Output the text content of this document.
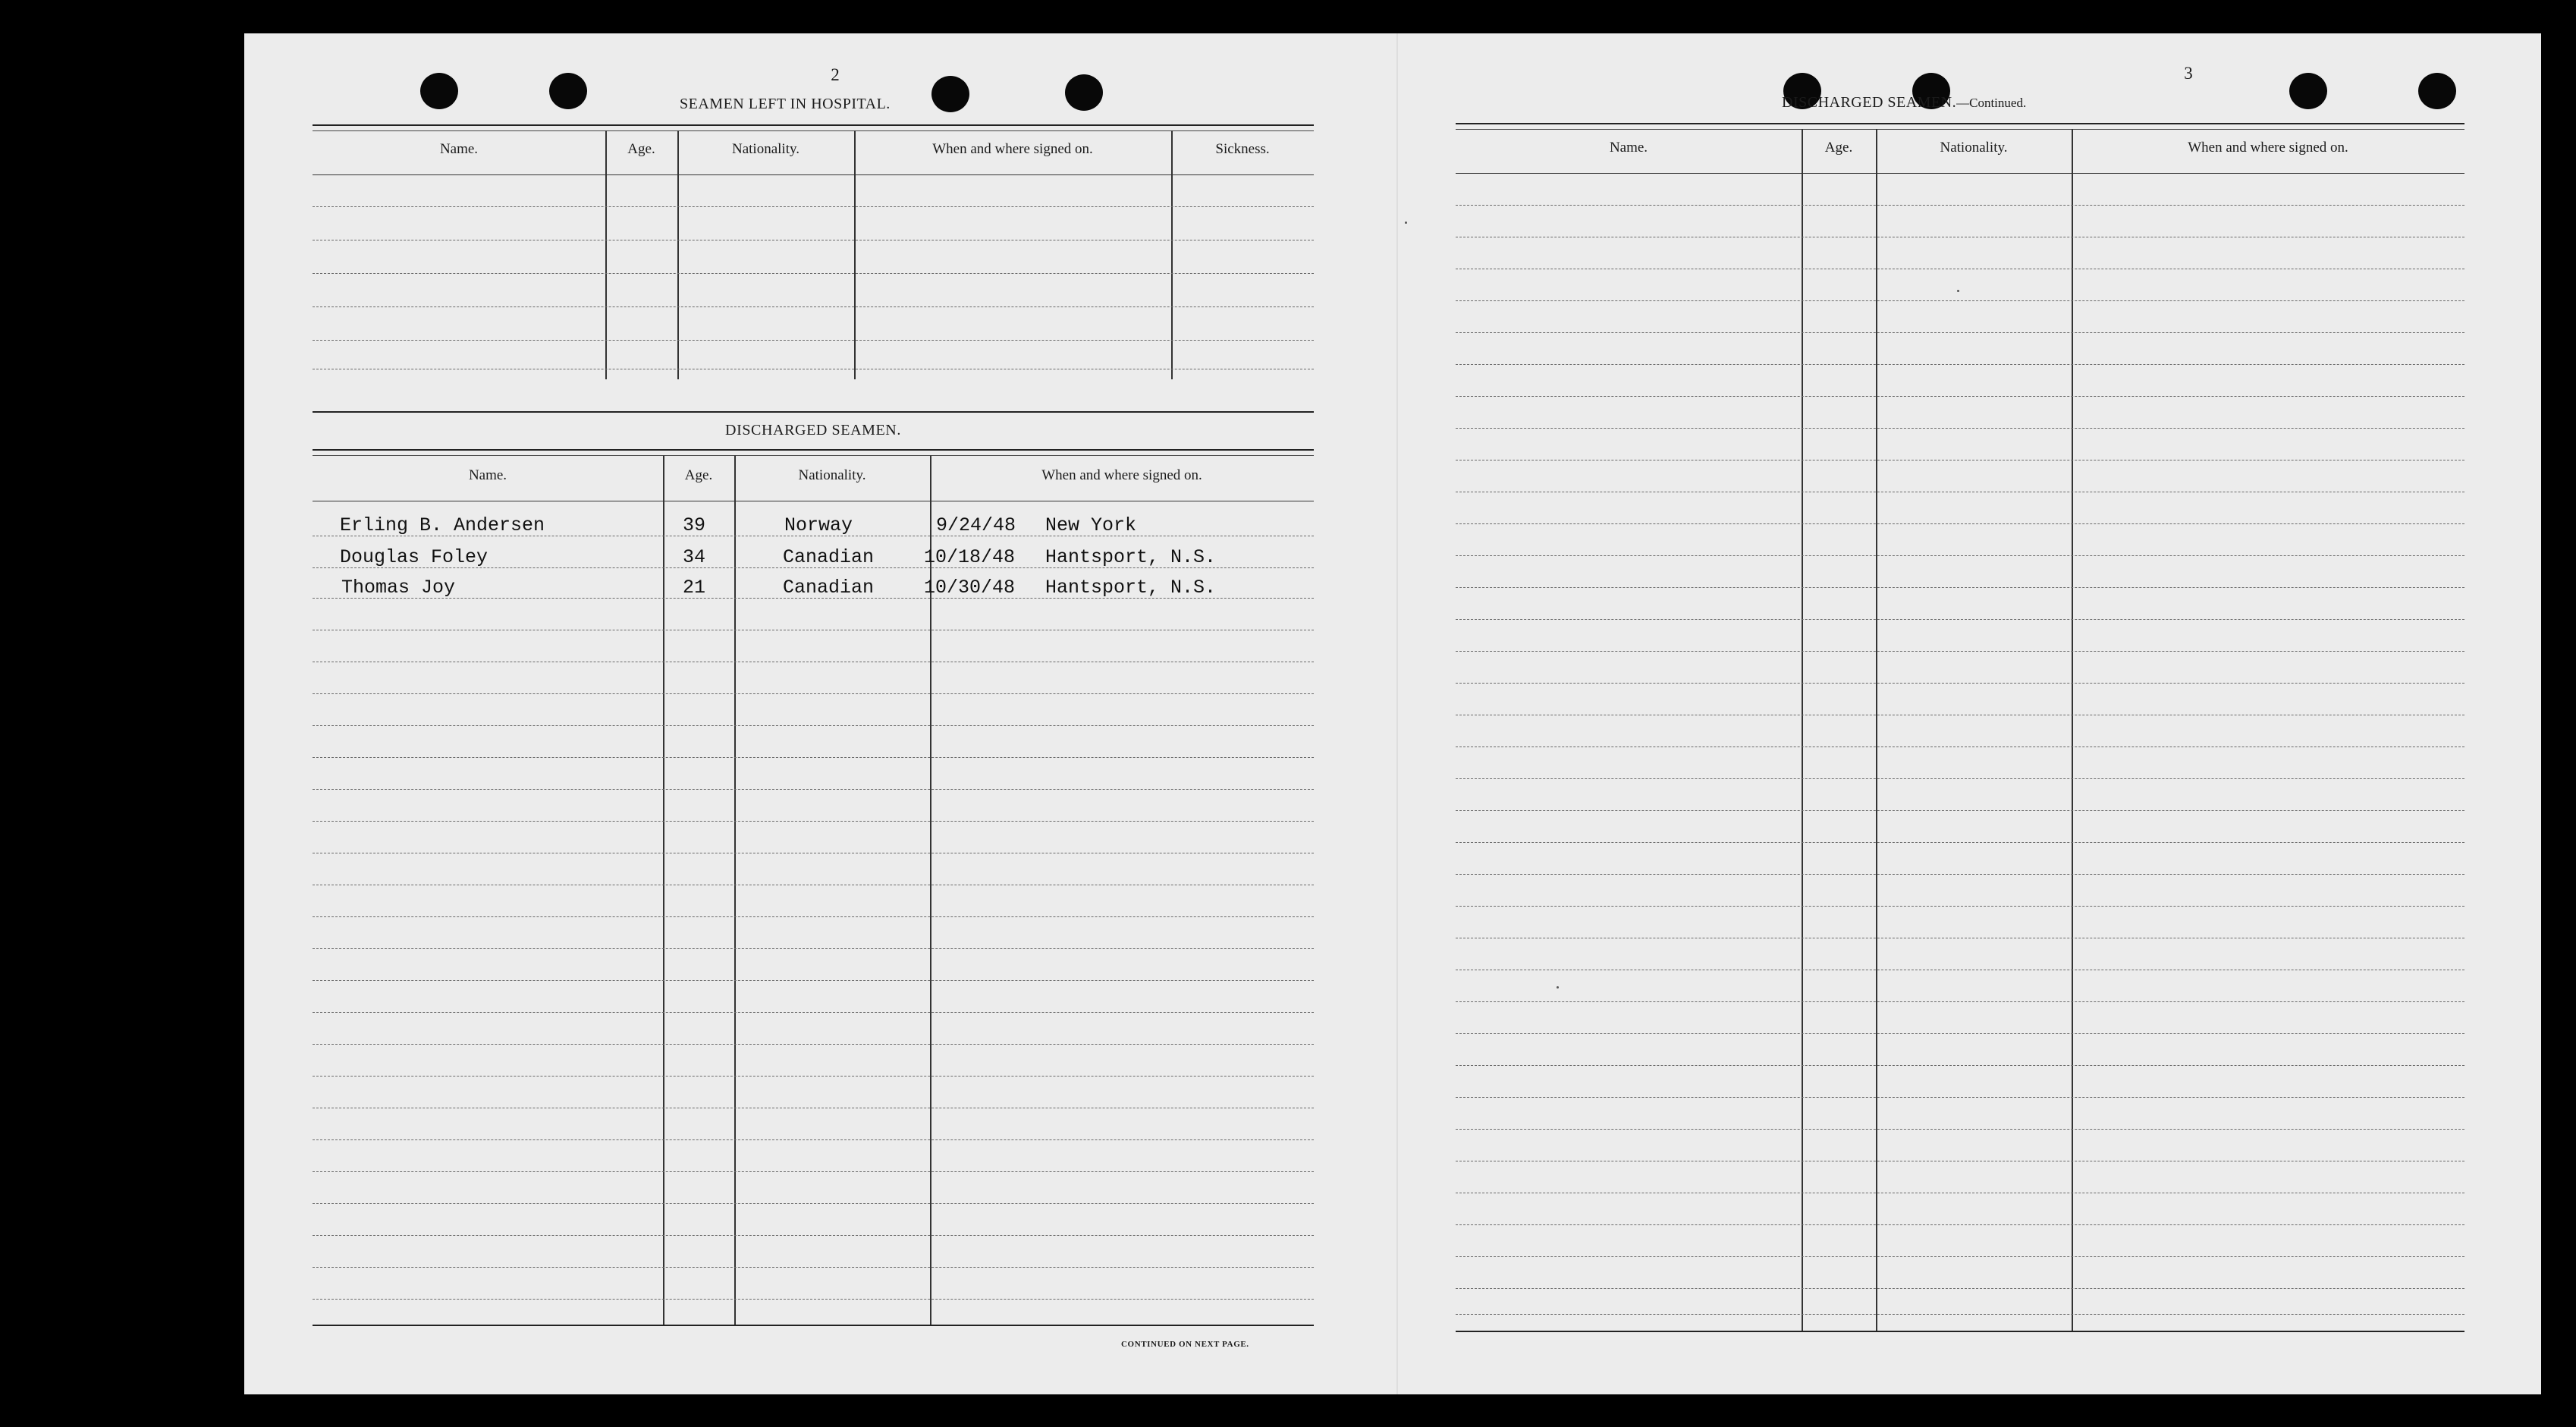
2
SEAMEN LEFT IN HOSPITAL.
Name.	Age.	Nationality.	When and where signed on.	Sickness.
DISCHARGED SEAMEN.
Name.	Age.	Nationality.	When and where signed on.
Erling B. Andersen	39	Norway	9/24/48 New York
Douglas Foley	34	Canadian	10/18/48 Hantsport, N.S.
Thomas Joy	21	Canadian	10/30/48 Hantsport, N.S.
CONTINUED ON NEXT PAGE.
3
DISCHARGED SEAMEN.—Continued.
Name.	Age.	Nationality.	When and where signed on.
